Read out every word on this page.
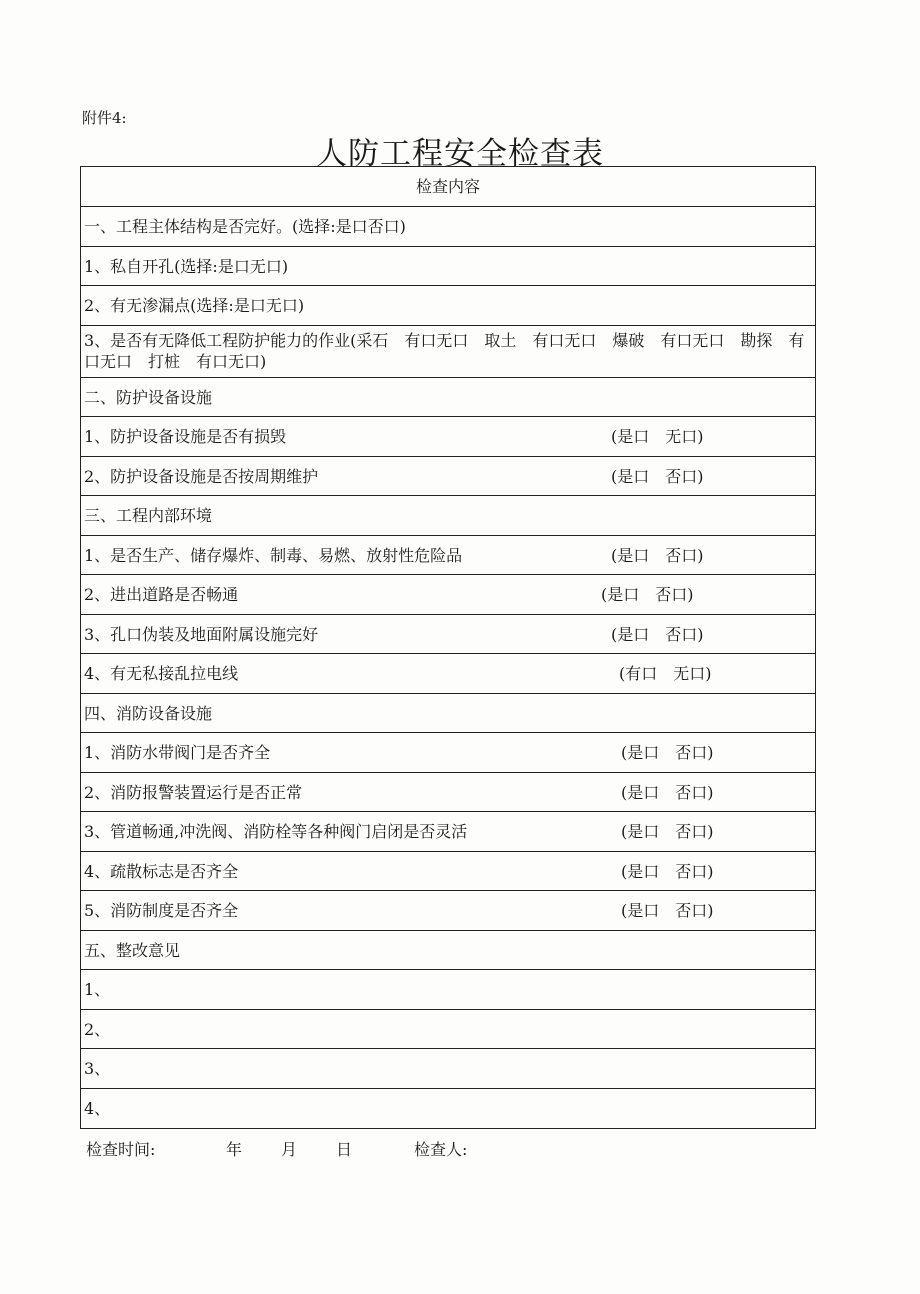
附件4:
人防工程安全检查表
检查内容
一、工程主体结构是否完好。(选择:是口否口)
1、私自开孔(选择:是口无口)
2、有无渗漏点(选择:是口无口)
3、是否有无降低工程防护能力的作业(采石　有口无口　取土　有口无口　爆破　有口无口　勘探　有口无口　打桩　有口无口)
二、防护设备设施
1、防护设备设施是否有损毁	(是口　无口)
2、防护设备设施是否按周期维护	(是口　否口)
三、工程内部环境
1、是否生产、储存爆炸、制毒、易燃、放射性危险品	(是口　否口)
2、进出道路是否畅通	(是口　否口)
3、孔口伪装及地面附属设施完好	(是口　否口)
4、有无私接乱拉电线	(有口　无口)
四、消防设备设施
1、消防水带阀门是否齐全	(是口　否口)
2、消防报警装置运行是否正常	(是口　否口)
3、管道畅通,冲洗阀、消防栓等各种阀门启闭是否灵活	(是口　否口)
4、疏散标志是否齐全	(是口　否口)
5、消防制度是否齐全	(是口　否口)
五、整改意见
1、
2、
3、
4、
检查时间:	年 月 日	检查人:
